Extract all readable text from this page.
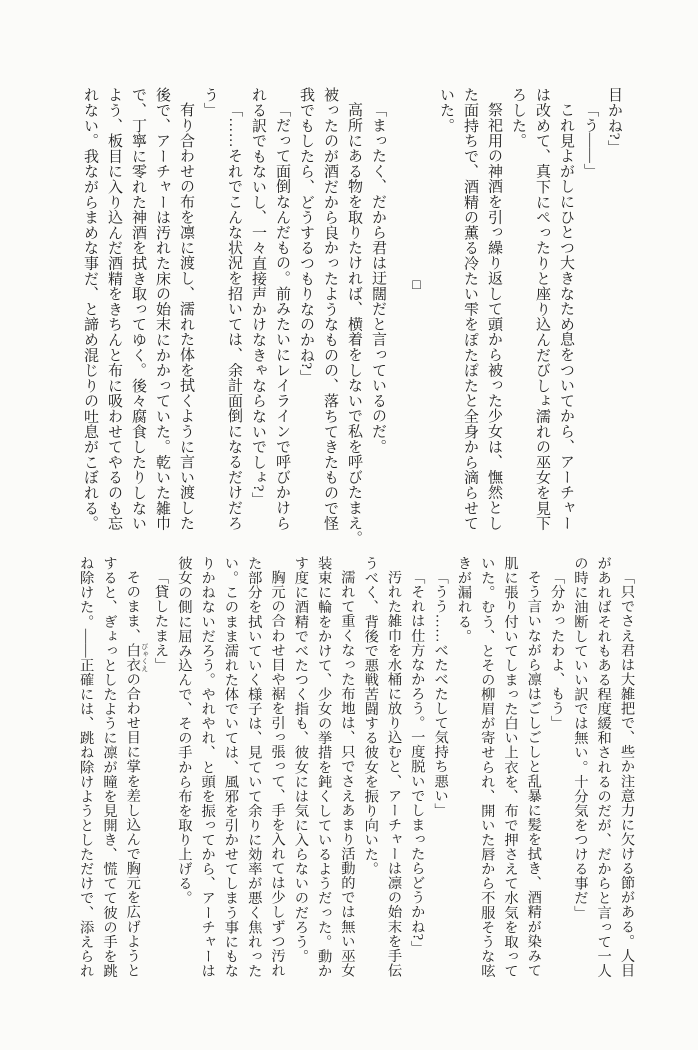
目かね?」
「う――」
これ見よがしにひとつ大きなため息をついてから、アーチャー
は改めて、真下にぺったりと座り込んだびしょ濡れの巫女を見下
ろした。
祭祀用の神酒を引っ繰り返して頭から被った少女は、憮然とし
た面持ちで、酒精の薫る冷たい雫をぽたぽたと全身から滴らせて
いた。
□
「まったく、だから君は迂闊だと言っているのだ。
高所にある物を取りたければ、横着をしないで私を呼びたまえ。
被ったのが酒だから良かったようなものの、落ちてきたもので怪
我でもしたら、どうするつもりなのかね?」
「だって面倒なんだもの。前みたいにレイラインで呼びかけら
れる訳でもないし、一々直接声かけなきゃならないでしょ?」
「……それでこんな状況を招いては、余計面倒になるだけだろ
う」
有り合わせの布を凛に渡し、濡れた体を拭くように言い渡した
後で、アーチャーは汚れた床の始末にかかっていた。乾いた雑巾
で、丁寧に零れた神酒を拭き取ってゆく。後々腐食したりしない
よう、板目に入り込んだ酒精をきちんと布に吸わせてやるのも忘
れない。我ながらまめな事だ、と諦め混じりの吐息がこぼれる。
「只でさえ君は大雑把で、些か注意力に欠ける節がある。人目
があればそれもある程度緩和されるのだが、だからと言って一人
の時に油断していい訳では無い。十分気をつける事だ」
「分かったわよ、もう」
そう言いながら凛はごしごしと乱暴に髪を拭き、酒精が染みて
肌に張り付いてしまった白い上衣を、布で押さえて水気を取って
いた。むう、とその柳眉が寄せられ、開いた唇から不服そうな呟
きが漏れる。
「うう……べたべたして気持ち悪い」
「それは仕方なかろう。一度脱いでしまったらどうかね?」
汚れた雑巾を水桶に放り込むと、アーチャーは凛の始末を手伝
うべく、背後で悪戦苦闘する彼女を振り向いた。
濡れて重くなった布地は、只でさえあまり活動的では無い巫女
装束に輪をかけて、少女の挙措を鈍くしているようだった。動か
す度に酒精でべたつく指も、彼女には気に入らないのだろう。
胸元の合わせ目や裾を引っ張って、手を入れては少しずつ汚れ
た部分を拭いていく様子は、見ていて余りに効率が悪く焦れった
い。このまま濡れた体でいては、風邪を引かせてしまう事にもな
りかねないだろう。やれやれ、と頭を振ってから、アーチャーは
彼女の側に屈み込んで、その手から布を取り上げる。
「貸したまえ」
そのまま、白衣 びゃくえの合わせ目に掌を差し込んで胸元を広げようと
すると、ぎょっとしたように凛が瞳を見開き、慌てて彼の手を跳
ね除けた。――正確には、跳ね除けようとしただけで、添えられ
